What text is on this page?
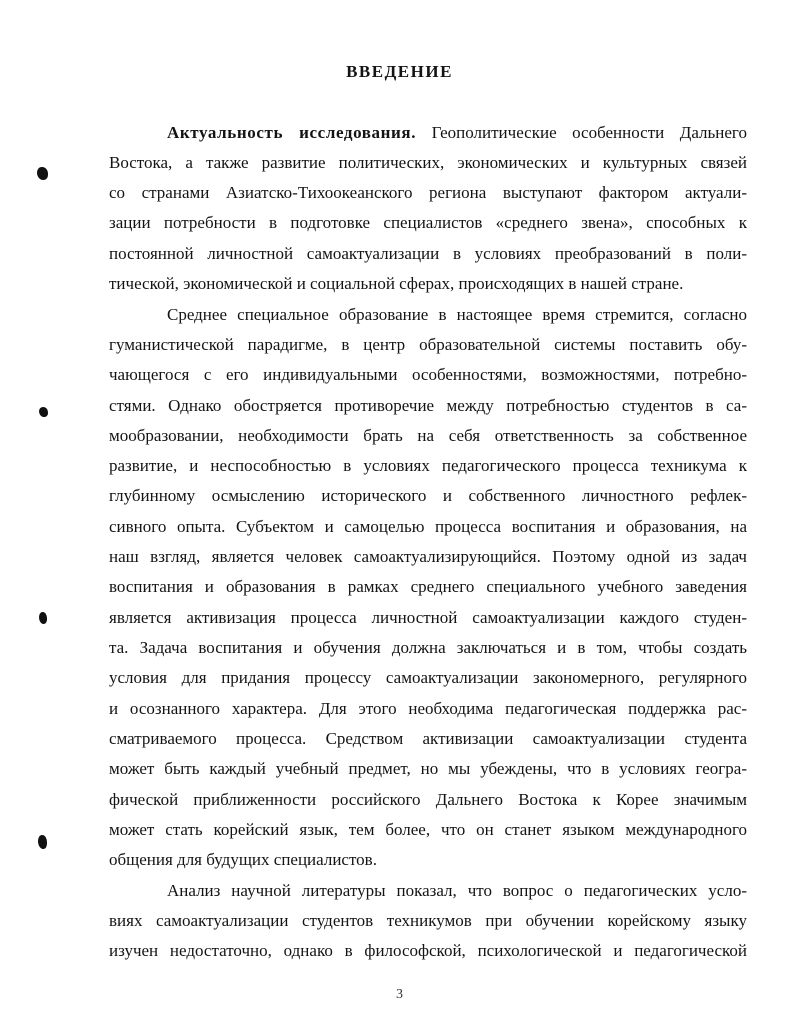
ВВЕДЕНИЕ
Актуальность исследования. Геополитические особенности Дальнего
Востока, а также развитие политических, экономических и культурных связей
со странами Азиатско-Тихоокеанского региона выступают фактором актуали-
зации потребности в подготовке специалистов «среднего звена», способных к
постоянной личностной самоактуализации в условиях преобразований в поли-
тической, экономической и социальной сферах, происходящих в нашей стране.
Среднее специальное образование в настоящее время стремится, согласно
гуманистической парадигме, в центр образовательной системы поставить обу-
чающегося с его индивидуальными особенностями, возможностями, потребно-
стями. Однако обостряется противоречие между потребностью студентов в са-
мообразовании, необходимости брать на себя ответственность за собственное
развитие, и неспособностью в условиях педагогического процесса техникума к
глубинному осмыслению исторического и собственного личностного рефлек-
сивного опыта. Субъектом и самоцелью процесса воспитания и образования, на
наш взгляд, является человек самоактуализирующийся. Поэтому одной из задач
воспитания и образования в рамках среднего специального учебного заведения
является активизация процесса личностной самоактуализации каждого студен-
та. Задача воспитания и обучения должна заключаться и в том, чтобы создать
условия для придания процессу самоактуализации закономерного, регулярного
и осознанного характера. Для этого необходима педагогическая поддержка рас-
сматриваемого процесса. Средством активизации самоактуализации студента
может быть каждый учебный предмет, но мы убеждены, что в условиях геогра-
фической приближенности российского Дальнего Востока к Корее значимым
может стать корейский язык, тем более, что он станет языком международного
общения для будущих специалистов.
Анализ научной литературы показал, что вопрос о педагогических усло-
виях самоактуализации студентов техникумов при обучении корейскому языку
изучен недостаточно, однако в философской, психологической и педагогической
3
